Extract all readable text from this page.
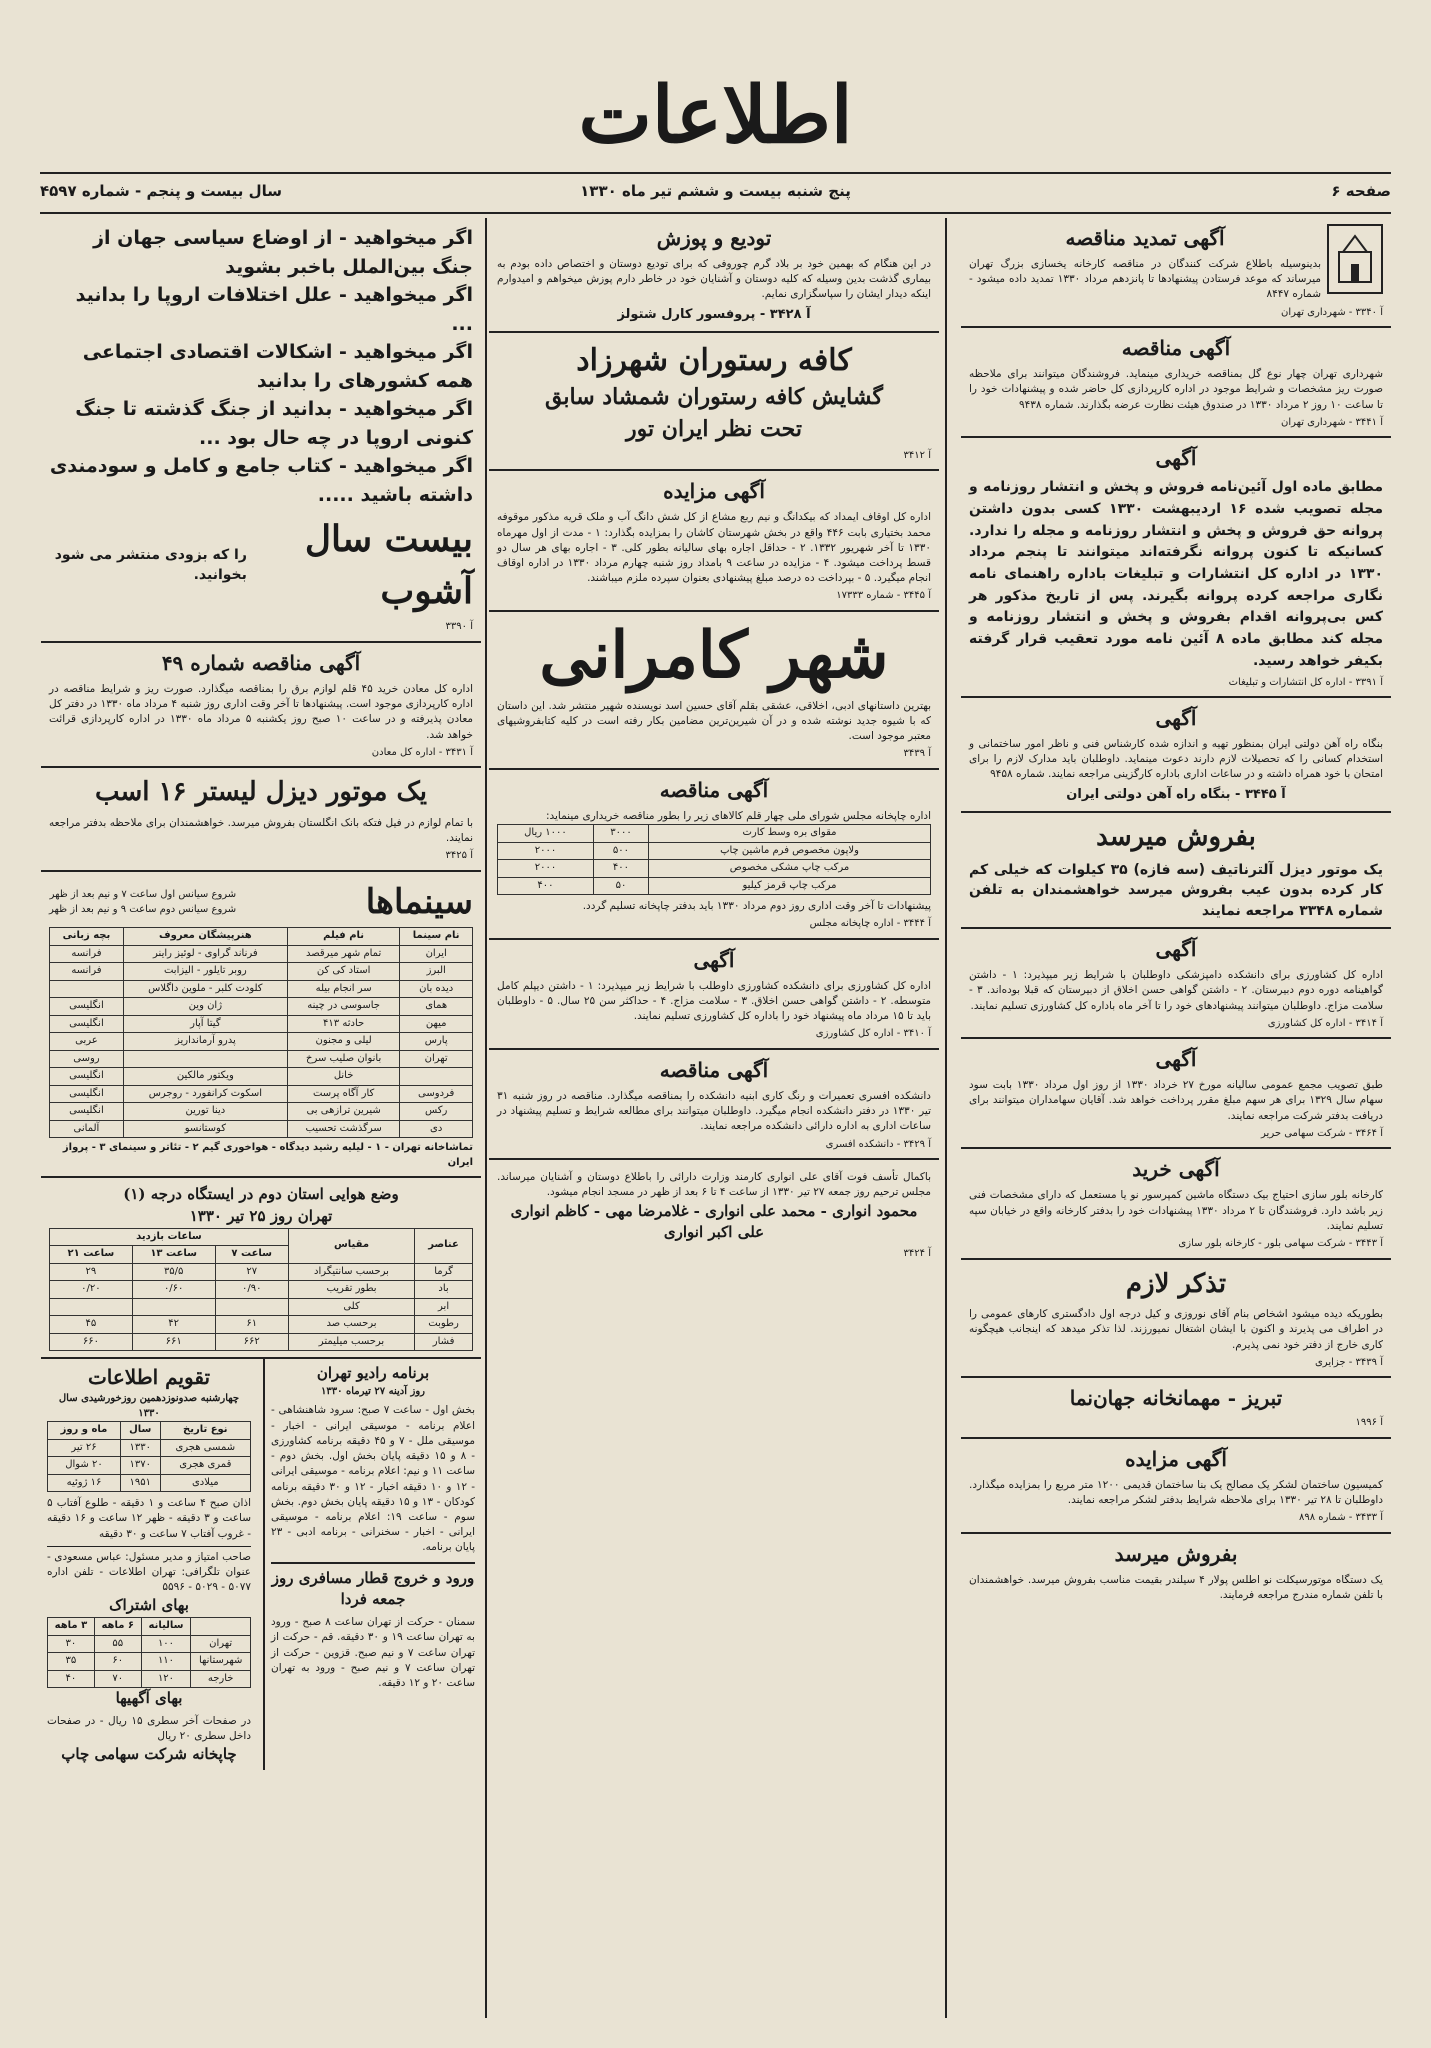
اطلاعات
صفحه ۶
پنج شنبه بیست و ششم تیر ماه ۱۳۳۰
سال‌ بیست و پنجم - شماره ۴۵۹۷
آگهی تمدید مناقصه
بدینوسیله باطلاع شرکت کنندگان در مناقصه کارخانه یخسازی بزرگ تهران میرساند که موعد فرستادن پیشنهادها تا پانزدهم مرداد ۱۳۳۰ تمدید داده میشود - شماره ۸۴۴۷
آ ۳۳۴۰ - شهرداری تهران
آگهی مناقصه
شهرداری تهران چهار نوع گل بمناقصه خریداری مینماید. فروشندگان میتوانند برای ملاحظه صورت ریز مشخصات و شرایط موجود در اداره کارپردازی کل حاضر شده و پیشنهادات خود را تا ساعت ۱۰ روز ۲ مرداد ۱۳۳۰ در صندوق هیئت نظارت عرضه بگذارند. شماره ۹۴۳۸
آ ۳۴۴۱ - شهرداری تهران
آگهی
مطابق ماده اول آئین‌نامه فروش و پخش و انتشار روزنامه و مجله تصویب شده ۱۶ اردیبهشت ۱۳۳۰ کسی بدون داشتن پروانه حق فروش و پخش و انتشار روزنامه و مجله را ندارد. کسانیکه تا کنون پروانه نگرفته‌اند میتوانند تا پنجم مرداد ۱۳۳۰ در اداره کل انتشارات و تبلیغات باداره راهنمای نامه نگاری مراجعه کرده پروانه بگیرند. پس از تاریخ مذکور هر کس بی‌پروانه اقدام بفروش و پخش و انتشار روزنامه و مجله کند مطابق ماده ۸ آئین نامه مورد تعقیب قرار گرفته بکیفر خواهد رسید.
آ ۳۳۹۱ - اداره کل انتشارات و تبلیغات
آگهی
بنگاه راه آهن دولتی ایران بمنظور تهیه و اندازه شده کارشناس فنی و ناظر امور ساختمانی و استخدام کسانی را که تحصیلات لازم دارند دعوت مینماید. داوطلبان باید مدارک لازم را برای امتحان با خود همراه داشته و در ساعات اداری باداره کارگزینی مراجعه نمایند. شماره ۹۴۵۸
آ ۳۴۴۵ - بنگاه راه آهن دولتی ایران
بفروش میرسد
یک موتور دیزل آلترناتیف (سه فازه) ۳۵ کیلوات که خیلی کم کار کرده بدون عیب بفروش میرسد خواهشمندان به تلفن شماره ۳۳۴۸ مراجعه نمایند
آگهی
اداره کل کشاورزی برای دانشکده دامپزشکی داوطلبان با شرایط زیر میپذیرد: ۱ - داشتن گواهینامه دوره دوم دبیرستان. ۲ - داشتن گواهی حسن اخلاق از دبیرستان که قبلا بوده‌اند. ۳ - سلامت مزاج. داوطلبان میتوانند پیشنهادهای خود را تا آخر ماه باداره کل کشاورزی تسلیم نمایند.
آ ۳۴۱۴ - اداره کل کشاورزی
آگهی
طبق تصویب مجمع عمومی سالیانه مورخ ۲۷ خرداد ۱۳۳۰ از روز اول مرداد ۱۳۳۰ بابت سود سهام سال ۱۳۲۹ برای هر سهم مبلغ مقرر پرداخت خواهد شد. آقایان سهامداران میتوانند برای دریافت بدفتر شرکت مراجعه نمایند.
آ ۳۴۶۴ - شرکت سهامی حریر
آگهی خرید
کارخانه بلور سازی احتیاج بیک دستگاه ماشین کمپرسور نو یا مستعمل که دارای مشخصات فنی زیر باشد دارد. فروشندگان تا ۲ مرداد ۱۳۳۰ پیشنهادات خود را بدفتر کارخانه واقع در خیابان سپه تسلیم نمایند.
آ ۳۴۴۳ - شرکت سهامی بلور - کارخانه بلور سازی
تذکر لازم
بطوریکه دیده میشود اشخاص بنام آقای نوروزی و کیل درجه اول دادگستری کارهای عمومی را در اطراف می پذیرند و اکنون با ایشان اشتغال نمیورزند. لذا تذکر میدهد که اینجانب هیچگونه کاری خارج از دفتر خود نمی پذیرم.
آ ۳۴۳۹ - جزایری
تبریز - مهمانخانه جهان‌نما
آ ۱۹۹۶
آگهی مزایده
کمیسیون ساختمان لشکر یک مصالح یک بنا ساختمان قدیمی ۱۲۰۰ متر مربع را بمزایده میگذارد. داوطلبان تا ۲۸ تیر ۱۳۳۰ برای ملاحظه شرایط بدفتر لشکر مراجعه نمایند.
آ ۳۴۳۳ - شماره ۸۹۸
بفروش میرسد
یک دستگاه موتورسیکلت نو اطلس پولار ۴ سیلندر بقیمت مناسب بفروش میرسد. خواهشمندان با تلفن شماره مندرج مراجعه فرمایند.
تودیع و پوزش
در این هنگام که بهمین خود بر بلاد گرم چوروفی که برای تودیع دوستان و اختصاص داده بودم به بیماری گذشت بدین وسیله که کلیه دوستان و آشنایان خود در خاطر دارم پوزش میخواهم و امیدوارم اینکه دیدار ایشان را سپاسگزاری نمایم.
آ ۳۴۲۸ - پروفسور کارل شتولز
کافه رستوران شهرزاد
گشایش کافه رستوران شمشاد سابق
تحت نظر ایران تور
آ ۳۴۱۲
آگهی مزایده
اداره کل اوقاف ایمداد که بیکدانگ و نیم ربع مشاع از کل شش دانگ آب و ملک قریه مذکور موقوفه محمد بختیاری بابت ۴۴۶ واقع در بخش شهرستان کاشان را بمزایده بگذارد: ۱ - مدت از اول مهرماه ۱۳۳۰ تا آخر شهریور ۱۳۳۲. ۲ - حداقل اجاره بهای سالیانه بطور کلی. ۳ - اجاره بهای هر سال دو قسط پرداخت میشود. ۴ - مزایده در ساعت ۹ بامداد روز شنبه چهارم مرداد ۱۳۳۰ در اداره اوقاف انجام میگیرد. ۵ - بپرداخت ده درصد مبلغ پیشنهادی بعنوان سپرده ملزم میباشند.
آ ۳۴۴۵ - شماره ۱۷۳۳۳
شهر کامرانی
بهترین داستانهای ادبی، اخلاقی، عشقی بقلم آقای حسین اسد نویسنده شهیر منتشر شد. این داستان که با شیوه جدید نوشته شده و در آن شیرین‌ترین مضامین بکار رفته است در کلیه کتابفروشیهای معتبر موجود است.
آ ۳۴۳۹
آگهی مناقصه
اداره چاپخانه مجلس شورای ملی چهار قلم کالاهای زیر را بطور مناقصه خریداری مینماید:
مقوای بره وسط کارت	۳۰۰۰	۱۰۰۰ ریال
ولاپون مخصوص فرم ماشین چاپ	۵۰۰	۲۰۰۰
مرکب چاپ مشکی مخصوص	۴۰۰	۲۰۰۰
مرکب چاپ قرمز کیلیو	۵۰	۴۰۰
پیشنهادات تا آخر وقت اداری روز دوم مرداد ۱۳۳۰ باید بدفتر چاپخانه تسلیم گردد.
آ ۳۴۴۴ - اداره چاپخانه مجلس
آگهی
اداره کل کشاورزی برای دانشکده کشاورزی داوطلب با شرایط زیر میپذیرد: ۱ - داشتن دیپلم کامل متوسطه. ۲ - داشتن گواهی حسن اخلاق. ۳ - سلامت مزاج. ۴ - حداکثر سن ۲۵ سال. ۵ - داوطلبان باید تا ۱۵ مرداد ماه پیشنهاد خود را باداره کل کشاورزی تسلیم نمایند.
آ ۳۴۱۰ - اداره کل کشاورزی
آگهی مناقصه
دانشکده افسری تعمیرات و رنگ کاری ابنیه دانشکده را بمناقصه میگذارد. مناقصه در روز شنبه ۳۱ تیر ۱۳۳۰ در دفتر دانشکده انجام میگیرد. داوطلبان میتوانند برای مطالعه شرایط و تسلیم پیشنهاد در ساعات اداری به اداره دارائی دانشکده مراجعه نمایند.
آ ۳۴۲۹ - دانشکده افسری
باکمال تأسف فوت آقای علی انواری کارمند وزارت دارائی را باطلاع دوستان و آشنایان میرساند. مجلس ترحیم روز جمعه ۲۷ تیر ۱۳۳۰ از ساعت ۴ تا ۶ بعد از ظهر در مسجد انجام میشود.
محمود انواری - محمد علی انواری - غلامرضا مهی - کاظم انواری
علی اکبر انواری
آ ۳۴۲۴
اگر میخواهید - از اوضاع سیاسی جهان از جنگ بین‌الملل باخبر بشوید
اگر میخواهید - علل اختلافات اروپا را بدانید ...
اگر میخواهید - اشکالات اقتصادی اجتماعی همه کشورهای را بدانید
اگر میخواهید - بدانید از جنگ گذشته تا جنگ کنونی اروپا در چه حال بود ...
اگر میخواهید - کتاب جامع و کامل و سودمندی داشته باشید .....
بیست سال آشوب
را که بزودی منتشر می شود بخوانید.
آ ۳۳۹۰
آگهی مناقصه شماره ۴۹
اداره کل معادن خرید ۴۵ قلم لوازم برق را بمناقصه میگذارد. صورت ریز و شرایط مناقصه در اداره کارپردازی موجود است. پیشنهادها تا آخر وقت اداری روز شنبه ۴ مرداد ماه ۱۳۳۰ در دفتر کل معادن پذیرفته و در ساعت ۱۰ صبح روز یکشنبه ۵ مرداد ماه ۱۳۳۰ در اداره کارپردازی قرائت خواهد شد.
آ ۳۴۳۱ - اداره کل معادن
یک موتور دیزل لیستر ۱۶ اسب
با تمام لوازم در فیل فتکه بانک انگلستان بفروش میرسد. خواهشمندان برای ملاحظه بدفتر مراجعه نمایند.
آ ۳۴۲۵
سینماها
شروع سیانس اول ساعت ۷ و نیم بعد از ظهر
شروع سیانس دوم ساعت ۹ و نیم بعد از ظهر
نام سینما	نام فیلم	هنرپیشگان معروف	بچه زبانی
ایران	تمام شهر میرقصد	فرناند گراوی - لوئیز راینر	فرانسه
البرز	استاد کی کن	روبر تایلور - الیزابت	فرانسه
دیده بان	سر انجام بیله	کلودت کلبر - ملوین داگلاس	
همای	جاسوسی در چینه	ژان وین	انگلیسی
میهن	حادثه ۴۱۳	گیتا آپار	انگلیسی
پارس	لیلی و مجنون	پدرو آرمانداریز	عربی
تهران	بانوان صلیب سرخ		روسی
	خانل	ویکتور مالکین	انگلیسی
فردوسی	کار آگاه پرست	اسکوت کرانفورد - روجرس	انگلیسی
رکس	شیرین ترازهی بی	دینا تورین	انگلیسی
دی	سرگذشت تحسیب	کوستانسو	آلمانی
تماشاخانه تهران - ۱ - لیلیه رشید دیدگاه - هواخوری گیم ۲ - تئاتر و سینمای ۳ - پرواز ایران
وضع هوایی استان دوم در ایستگاه درجه (۱)
تهران روز ۲۵ تیر ۱۳۳۰
عناصر	مقیاس	ساعات بازدید		
		ساعت ۷	ساعت ۱۳	ساعت ۲۱
گرما	برحسب سانتیگراد	۲۷	۳۵/۵	۲۹
باد	بطور تقریب	۰/۹۰	۰/۶۰	۰/۲۰
ابر	کلی			
رطوبت	برحسب صد	۶۱	۴۲	۴۵
فشار	برحسب میلیمتر	۶۶۲	۶۶۱	۶۶۰
برنامه رادیو تهران
روز آدینه ۲۷ تیرماه ۱۳۳۰
بخش اول - ساعت ۷ صبح: سرود شاهنشاهی - اعلام برنامه - موسیقی ایرانی - اخبار - موسیقی ملل - ۷ و ۴۵ دقیقه برنامه کشاورزی - ۸ و ۱۵ دقیقه پایان بخش اول. بخش دوم - ساعت ۱۱ و نیم: اعلام برنامه - موسیقی ایرانی - ۱۲ و ۱۰ دقیقه اخبار - ۱۲ و ۳۰ دقیقه برنامه کودکان - ۱۳ و ۱۵ دقیقه پایان بخش دوم. بخش سوم - ساعت ۱۹: اعلام برنامه - موسیقی ایرانی - اخبار - سخنرانی - برنامه ادبی - ۲۳ پایان برنامه.
ورود و خروج قطار مسافری روز جمعه فردا
سمنان - حرکت از تهران ساعت ۸ صبح - ورود به تهران ساعت ۱۹ و ۳۰ دقیقه. قم - حرکت از تهران ساعت ۷ و نیم صبح. قزوین - حرکت از تهران ساعت ۷ و نیم صبح - ورود به تهران ساعت ۲۰ و ۱۲ دقیقه.
تقویم اطلاعات
چهارشنبه صدونوزدهمین روزخورشیدی سال ۱۳۳۰
نوع تاریخ	سال	ماه و روز
شمسی هجری	۱۳۳۰	۲۶ تیر
قمری هجری	۱۳۷۰	۲۰ شوال
میلادی	۱۹۵۱	۱۶ ژوئیه
اذان صبح ۴ ساعت و ۱ دقیقه - طلوع آفتاب ۵ ساعت و ۳ دقیقه - ظهر ۱۲ ساعت و ۱۶ دقیقه - غروب آفتاب ۷ ساعت و ۳۰ دقیقه
صاحب امتیاز و مدیر مسئول: عباس مسعودی - عنوان تلگرافی: تهران اطلاعات - تلفن اداره ۵۰۷۷ - ۵۰۲۹ - ۵۵۹۶
بهای اشتراک
	سالیانه	۶ ماهه	۳ ماهه
تهران	۱۰۰	۵۵	۳۰
شهرستانها	۱۱۰	۶۰	۳۵
خارجه	۱۲۰	۷۰	۴۰
بهای آگهیها
در صفحات آخر سطری ۱۵ ریال - در صفحات داخل سطری ۲۰ ریال
چاپخانه شرکت سهامی چاپ
